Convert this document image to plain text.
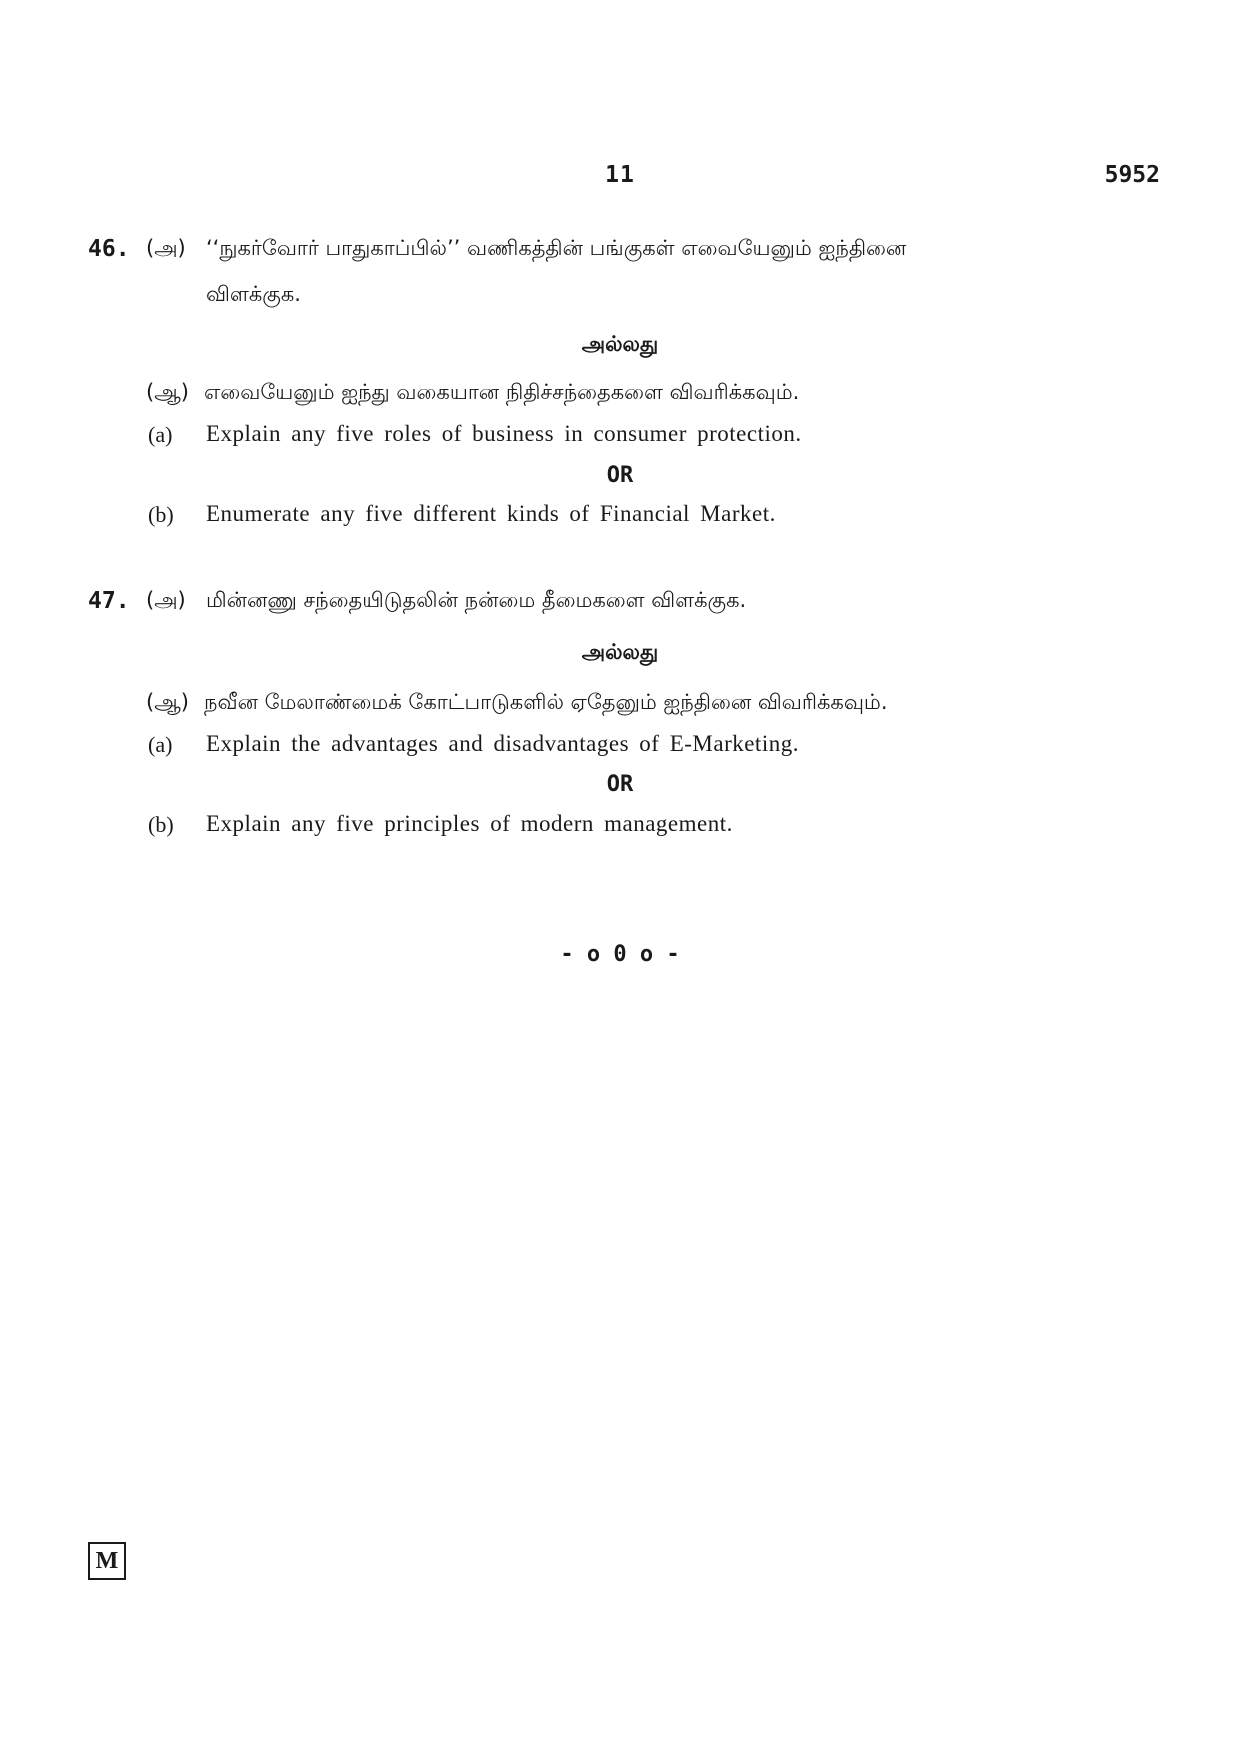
11	5952
46. (அ) ‘‘நுகர்வோர் பாதுகாப்பில்’’ வணிகத்தின் பங்குகள் எவையேனும் ஐந்தினை
விளக்குக.
அல்லது
(ஆ) எவையேனும் ஐந்து வகையான நிதிச்சந்தைகளை விவரிக்கவும்.
(a) Explain any five roles of business in consumer protection.
OR
(b) Enumerate any five different kinds of Financial Market.
47. (அ) மின்னணு சந்தையிடுதலின் நன்மை தீமைகளை விளக்குக.
அல்லது
(ஆ) நவீன மேலாண்மைக் கோட்பாடுகளில் ஏதேனும் ஐந்தினை விவரிக்கவும்.
(a) Explain the advantages and disadvantages of E-Marketing.
OR
(b) Explain any five principles of modern management.
- o 0 o -
M
